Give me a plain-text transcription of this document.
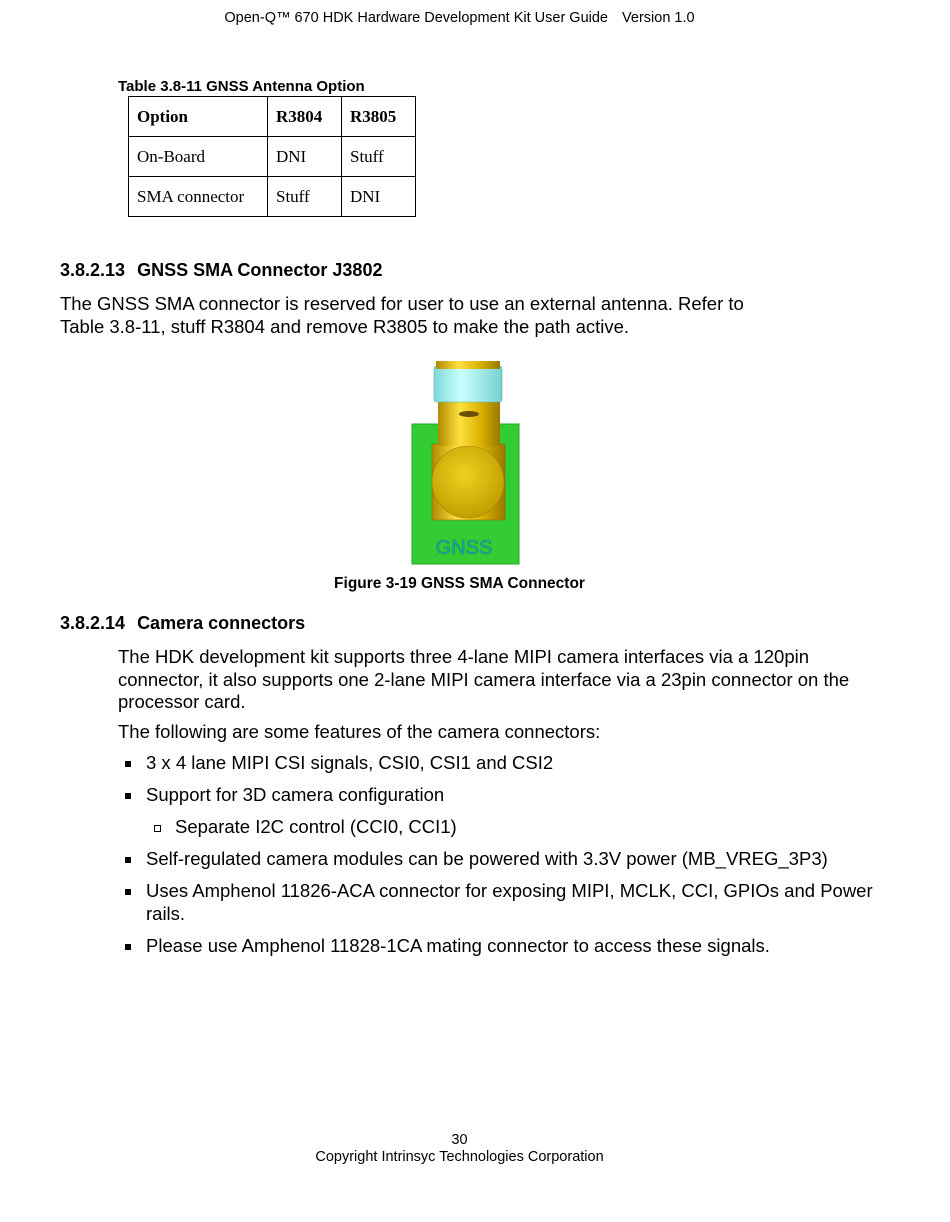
Open-Q™ 670 HDK Hardware Development Kit User Guide Version 1.0
Table 3.8-11 GNSS Antenna Option
Option	R3804	R3805
On-Board	DNI	Stuff
SMA connector	Stuff	DNI
3.8.2.13 GNSS SMA Connector J3802

The GNSS SMA connector is reserved for user to use an external antenna. Refer to
Table 3.8-11, stuff R3804 and remove R3805 to make the path active.

GNSS
Figure 3-19 GNSS SMA Connector
3.8.2.14 Camera connectors

The HDK development kit supports three 4-lane MIPI camera interfaces via a 120pin connector, it also supports one 2-lane MIPI camera interface via a 23pin connector on the processor card.

The following are some features of the camera connectors:

3 x 4 lane MIPI CSI signals, CSI0, CSI1 and CSI2
Support for 3D camera configuration
Separate I2C control (CCI0, CCI1)
Self-regulated camera modules can be powered with 3.3V power (MB_VREG_3P3)
Uses Amphenol 11826-ACA connector for exposing MIPI, MCLK, CCI, GPIOs and Power rails.
Please use Amphenol 11828-1CA mating connector to access these signals.
30
Copyright Intrinsyc Technologies Corporation
